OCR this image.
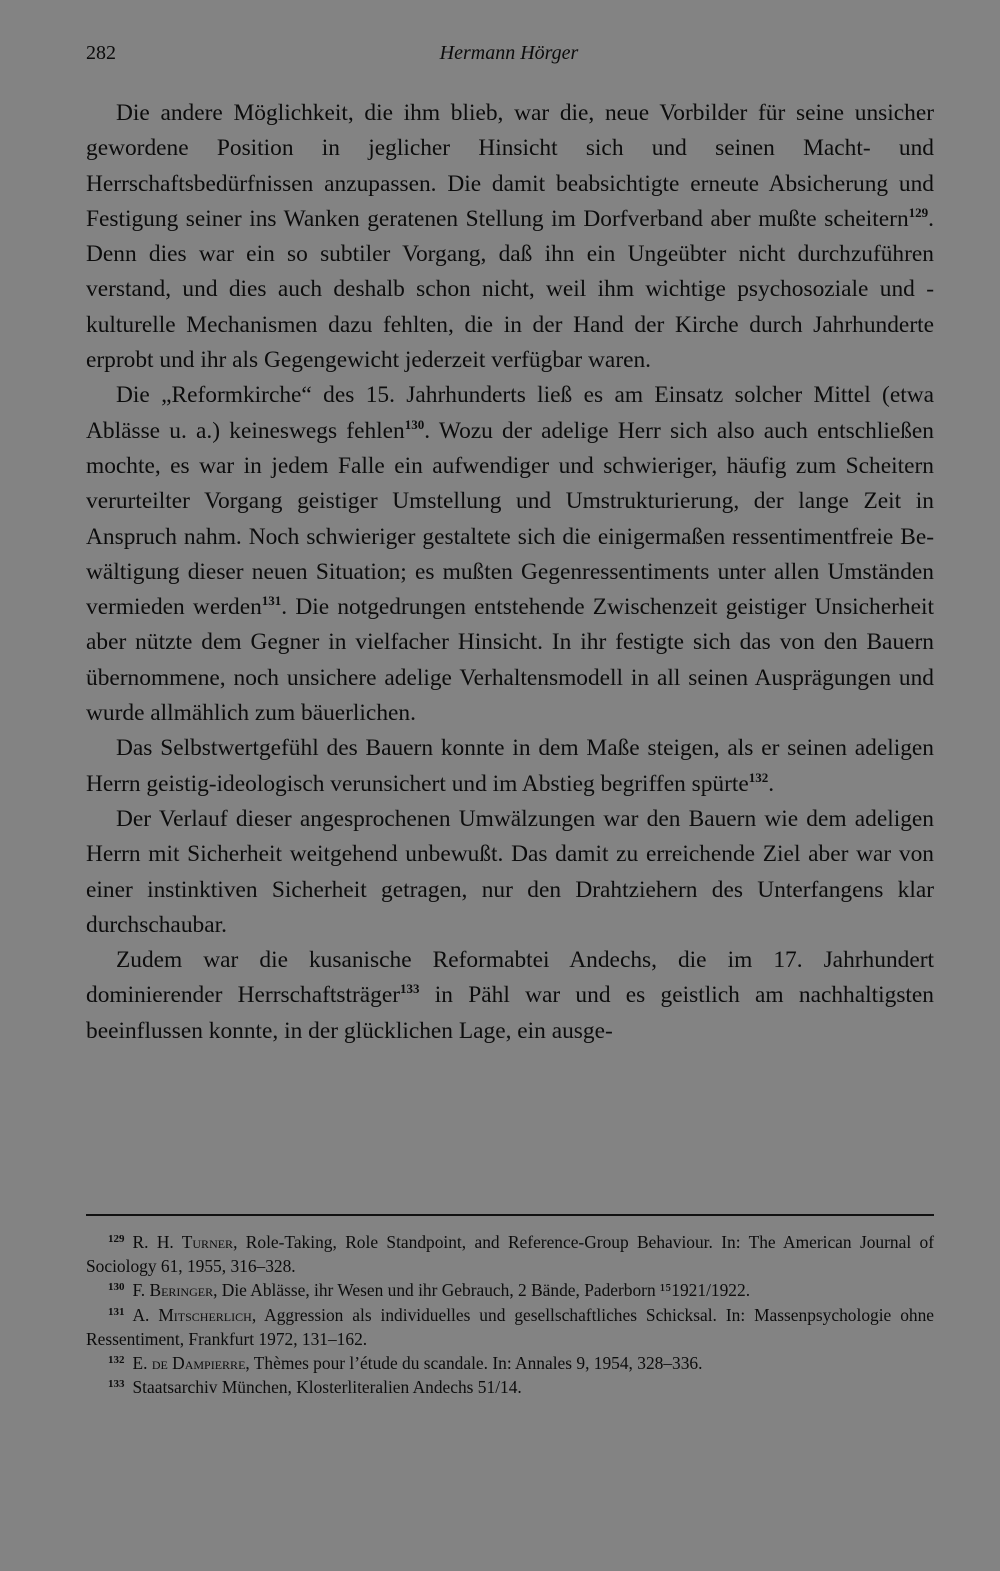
282	Hermann Hörger

Die andere Möglichkeit, die ihm blieb, war die, neue Vorbilder für seine unsicher gewordene Position in jeglicher Hinsicht sich und seinen Macht- und Herrschaftsbedürfnissen anzupassen. Die damit beabsichtigte erneute Absicherung und Festigung seiner ins Wanken geratenen Stellung im Dorfverband aber mußte scheitern$^{129}$. Denn dies war ein so subtiler Vorgang, daß ihn ein Ungeübter nicht durchzuführen verstand, und dies auch deshalb schon nicht, weil ihm wichtige psychosoziale und -kulturelle Mechanismen dazu fehlten, die in der Hand der Kirche durch Jahrhunderte erprobt und ihr als Gegengewicht jederzeit verfügbar waren.

Die „Reformkirche“ des 15. Jahrhunderts ließ es am Einsatz solcher Mittel (etwa Ablässe u. a.) keineswegs fehlen$^{130}$. Wozu der adelige Herr sich also auch entschließen mochte, es war in jedem Falle ein aufwendiger und schwieriger, häufig zum Scheitern verurteilter Vorgang geistiger Umstellung und Umstrukturierung, der lange Zeit in Anspruch nahm. Noch schwieriger gestaltete sich die einigermaßen ressentimentfreie Bewältigung dieser neuen Situation; es mußten Gegenressentiments unter allen Umständen vermieden werden$^{131}$. Die notgedrungen entstehende Zwischenzeit geistiger Unsicherheit aber nützte dem Gegner in vielfacher Hinsicht. In ihr festigte sich das von den Bauern übernommene, noch unsichere adelige Verhaltensmodell in all seinen Ausprägungen und wurde allmählich zum bäuerlichen.

Das Selbstwertgefühl des Bauern konnte in dem Maße steigen, als er seinen adeligen Herrn geistig-ideologisch verunsichert und im Abstieg begriffen spürte$^{132}$.

Der Verlauf dieser angesprochenen Umwälzungen war den Bauern wie dem adeligen Herrn mit Sicherheit weitgehend unbewußt. Das damit zu erreichende Ziel aber war von einer instinktiven Sicherheit getragen, nur den Drahtziehern des Unterfangens klar durchschaubar.

Zudem war die kusanische Reformabtei Andechs, die im 17. Jahrhundert dominierender Herrschaftsträger$^{133}$ in Pähl war und es geistlich am nachhaltigsten beeinflussen konnte, in der glücklichen Lage, ein ausge-

$^{129}$ R. H. Turner, Role-Taking, Role Standpoint, and Reference-Group Behaviour. In: The American Journal of Sociology 61, 1955, 316–328.

$^{130}$ F. Beringer, Die Ablässe, ihr Wesen und ihr Gebrauch, 2 Bände, Paderborn ¹⁵1921/1922.

$^{131}$ A. Mitscherlich, Aggression als individuelles und gesellschaftliches Schicksal. In: Massenpsychologie ohne Ressentiment, Frankfurt 1972, 131–162.

$^{132}$ E. de Dampierre, Thèmes pour l’étude du scandale. In: Annales 9, 1954, 328–336.

$^{133}$ Staatsarchiv München, Klosterliteralien Andechs 51/14.
